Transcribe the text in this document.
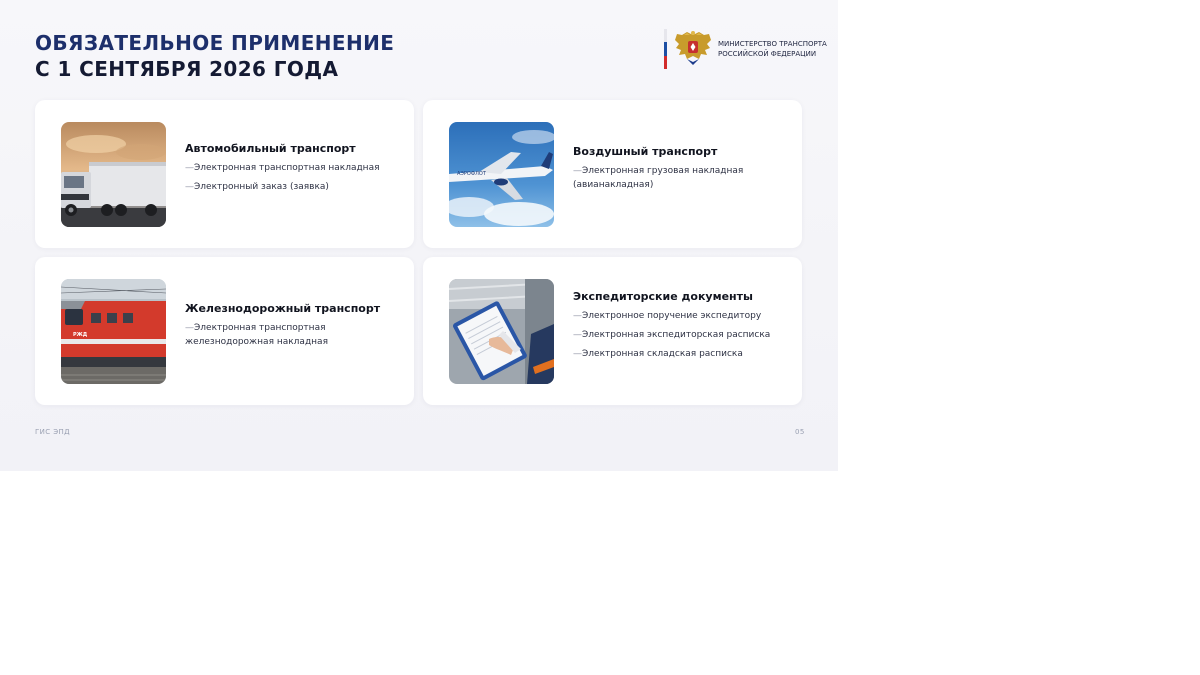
ОБЯЗАТЕЛЬНОЕ ПРИМЕНЕНИЕ
С 1 СЕНТЯБРЯ 2026 ГОДА
МИНИСТЕРСТВО ТРАНСПОРТА
РОССИЙСКОЙ ФЕДЕРАЦИИ
Автомобильный транспорт
—Электронная транспортная накладная
—Электронный заказ (заявка)
АЭРОФЛОТ
Воздушный транспорт
—Электронная грузовая накладная (авианакладная)
РЖД
Железнодорожный транспорт
—Электронная транспортная железнодорожная накладная
Экспедиторские документы
—Электронное поручение экспедитору
—Электронная экспедиторская расписка
—Электронная складская расписка
ГИС ЭПД	05
